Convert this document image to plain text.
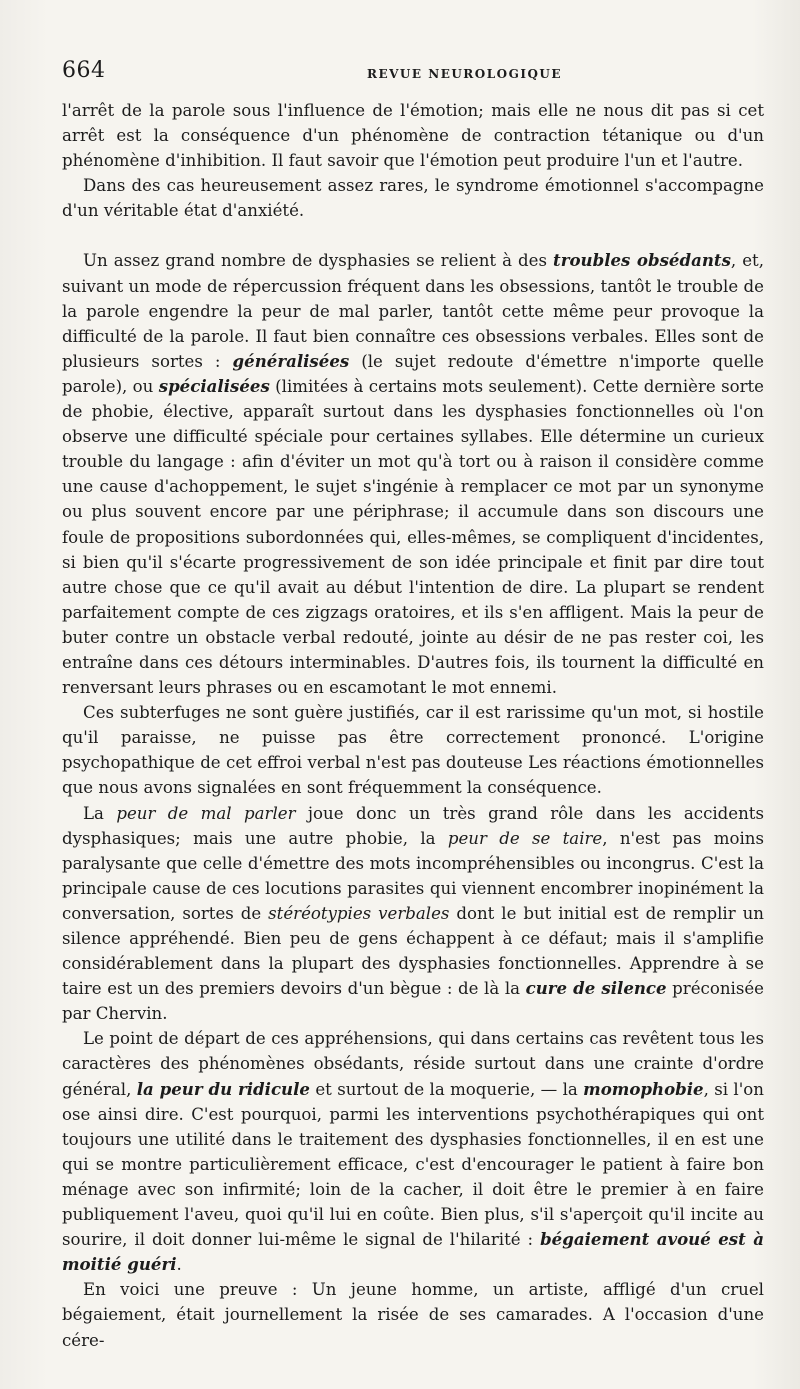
664	REVUE NEUROLOGIQUE

l'arrêt de la parole sous l'influence de l'émotion; mais elle ne nous dit pas si cet arrêt est la conséquence d'un phénomène de contraction tétanique ou d'un phénomène d'inhibition. Il faut savoir que l'émotion peut produire l'un et l'autre.

Dans des cas heureusement assez rares, le syndrome émotionnel s'accompagne d'un véritable état d'anxiété.

Un assez grand nombre de dysphasies se relient à des troubles obsédants, et, suivant un mode de répercussion fréquent dans les obsessions, tantôt le trouble de la parole engendre la peur de mal parler, tantôt cette même peur provoque la difficulté de la parole. Il faut bien connaître ces obsessions verbales. Elles sont de plusieurs sortes : généralisées (le sujet redoute d'émettre n'importe quelle parole), ou spécialisées (limitées à certains mots seulement). Cette dernière sorte de phobie, élective, apparaît surtout dans les dysphasies fonctionnelles où l'on observe une difficulté spéciale pour certaines syllabes. Elle détermine un curieux trouble du langage : afin d'éviter un mot qu'à tort ou à raison il considère comme une cause d'achoppement, le sujet s'ingénie à remplacer ce mot par un synonyme ou plus souvent encore par une périphrase; il accumule dans son discours une foule de propositions subordonnées qui, elles-mêmes, se compliquent d'incidentes, si bien qu'il s'écarte progressivement de son idée principale et finit par dire tout autre chose que ce qu'il avait au début l'intention de dire. La plupart se rendent parfaitement compte de ces zigzags oratoires, et ils s'en affligent. Mais la peur de buter contre un obstacle verbal redouté, jointe au désir de ne pas rester coi, les entraîne dans ces détours interminables. D'autres fois, ils tournent la difficulté en renversant leurs phrases ou en escamotant le mot ennemi.

Ces subterfuges ne sont guère justifiés, car il est rarissime qu'un mot, si hostile qu'il paraisse, ne puisse pas être correctement prononcé. L'origine psychopathique de cet effroi verbal n'est pas douteuse Les réactions émotionnelles que nous avons signalées en sont fréquemment la conséquence.

La peur de mal parler joue donc un très grand rôle dans les accidents dysphasiques; mais une autre phobie, la peur de se taire, n'est pas moins paralysante que celle d'émettre des mots incompréhensibles ou incongrus. C'est la principale cause de ces locutions parasites qui viennent encombrer inopinément la conversation, sortes de stéréotypies verbales dont le but initial est de remplir un silence appréhendé. Bien peu de gens échappent à ce défaut; mais il s'amplifie considérablement dans la plupart des dysphasies fonctionnelles. Apprendre à se taire est un des premiers devoirs d'un bègue : de là la cure de silence préconisée par Chervin.

Le point de départ de ces appréhensions, qui dans certains cas revêtent tous les caractères des phénomènes obsédants, réside surtout dans une crainte d'ordre général, la peur du ridicule et surtout de la moquerie, — la momophobie, si l'on ose ainsi dire. C'est pourquoi, parmi les interventions psychothérapiques qui ont toujours une utilité dans le traitement des dysphasies fonctionnelles, il en est une qui se montre particulièrement efficace, c'est d'encourager le patient à faire bon ménage avec son infirmité; loin de la cacher, il doit être le premier à en faire publiquement l'aveu, quoi qu'il lui en coûte. Bien plus, s'il s'aperçoit qu'il incite au sourire, il doit donner lui-même le signal de l'hilarité : bégaiement avoué est à moitié guéri.

En voici une preuve : Un jeune homme, un artiste, affligé d'un cruel bégaiement, était journellement la risée de ses camarades. A l'occasion d'une cére-
